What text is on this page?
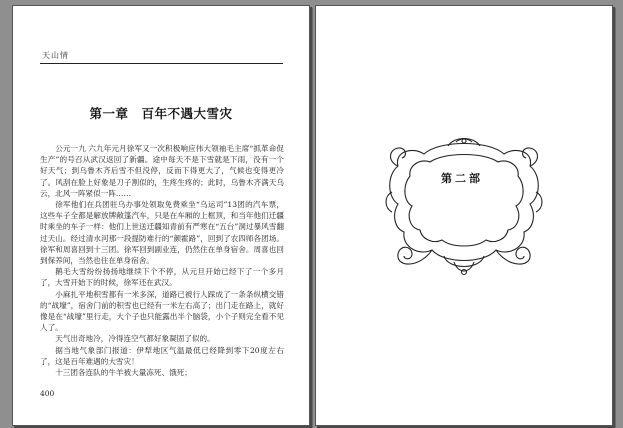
天山情
第一章　百年不遇大雪灾

公元一九 六九年元月徐军又一次积极响应伟大领袖毛主席“抓革命促生产”的号召从武汉返回了新疆。途中每天不是下雪就是下雨，没有一个好天气；到乌鲁木齐后雪不但没停，反而下得更大了，气候也变得更冷了。风刮在脸上好象是刀子割似的，生疼生疼的；此时，乌鲁木齐满天乌云，北风一阵紧似一阵……

徐军他们在兵团驻乌办事处领取免费乘坐“乌运司”13团的汽车票，这些车子全都是解放牌敞篷汽车，只是在车厢的上框顶，和当年他们迁疆时乘坐的车子一样：他们上世送迁疆知青前有严寒在“五台”洞过暴风雪翻过天山。经过清水河那一段提防难行的“颜霍路”，回到了农四师各团场。徐军和周喜回到十三团。徐军回到副业连，仍然住在单身宿舍。周喜也回到保养间，当然也住在单身宿舍。

鹅毛大雪纷纷扬扬地继续下个不停，从元旦开始已经下了一个多月了，大雪开始下的时候，徐军还在武汉。

小麻扎平地积雪都有一米多深，道路已被行人踩成了一条条纵横交错的“战壕”，宿舍门前的积雪也已经有一米左右高了；出门走在路上，就好像是在“战壕”里行走，大个子也只能露出半个脑袋，小个子则完全看不见人了。

天气出奇地冷，冷得连空气都好象凝固了似的。

据当地气象部门报道：伊犁地区气温最低已经降到零下20度左右了，这是百年难遇的大雪灾！

十三团各连队的牛羊被大量冻死、饿死；

400
第二部
